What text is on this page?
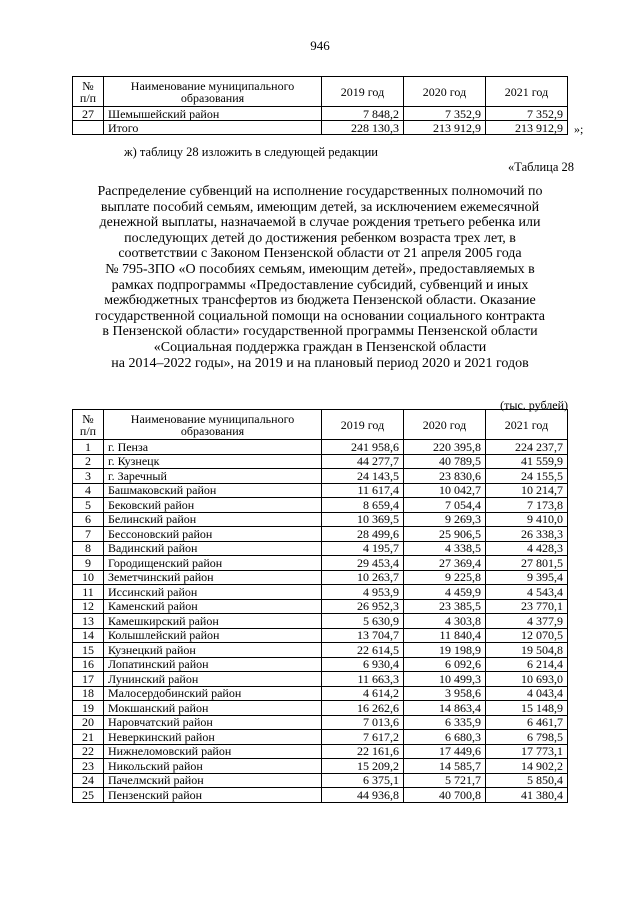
946
№ п/п	Наименование муниципального образования	2019 год	2020 год	2021 год
27	Шемышейский район	7 848,2	7 352,9	7 352,9
	Итого	228 130,3	213 912,9	213 912,9 »;
ж) таблицу 28 изложить в следующей редакции
«Таблица 28

Распределение субвенций на исполнение государственных полномочий по
выплате пособий семьям, имеющим детей, за исключением ежемесячной
денежной выплаты, назначаемой в случае рождения третьего ребенка или
последующих детей до достижения ребенком возраста трех лет, в
соответствии с Законом Пензенской области от 21 апреля 2005 года
№ 795-ЗПО «О пособиях семьям, имеющим детей», предоставляемых в
рамках подпрограммы «Предоставление субсидий, субвенций и иных
межбюджетных трансфертов из бюджета Пензенской области. Оказание
государственной социальной помощи на основании социального контракта
в Пензенской области» государственной программы Пензенской области
«Социальная поддержка граждан в Пензенской области
на 2014–2022 годы», на 2019 и на плановый период 2020 и 2021 годов

(тыс. рублей)
№ п/п	Наименование муниципального образования	2019 год	2020 год	2021 год
1	г. Пенза	241 958,6	220 395,8	224 237,7
2	г. Кузнецк	44 277,7	40 789,5	41 559,9
3	г. Заречный	24 143,5	23 830,6	24 155,5
4	Башмаковский район	11 617,4	10 042,7	10 214,7
5	Бековский район	8 659,4	7 054,4	7 173,8
6	Белинский район	10 369,5	9 269,3	9 410,0
7	Бессоновский район	28 499,6	25 906,5	26 338,3
8	Вадинский район	4 195,7	4 338,5	4 428,3
9	Городищенский район	29 453,4	27 369,4	27 801,5
10	Земетчинский район	10 263,7	9 225,8	9 395,4
11	Иссинский район	4 953,9	4 459,9	4 543,4
12	Каменский район	26 952,3	23 385,5	23 770,1
13	Камешкирский район	5 630,9	4 303,8	4 377,9
14	Колышлейский район	13 704,7	11 840,4	12 070,5
15	Кузнецкий район	22 614,5	19 198,9	19 504,8
16	Лопатинский район	6 930,4	6 092,6	6 214,4
17	Лунинский район	11 663,3	10 499,3	10 693,0
18	Малосердобинский район	4 614,2	3 958,6	4 043,4
19	Мокшанский район	16 262,6	14 863,4	15 148,9
20	Наровчатский район	7 013,6	6 335,9	6 461,7
21	Неверкинский район	7 617,2	6 680,3	6 798,5
22	Нижнеломовский район	22 161,6	17 449,6	17 773,1
23	Никольский район	15 209,2	14 585,7	14 902,2
24	Пачелмский район	6 375,1	5 721,7	5 850,4
25	Пензенский район	44 936,8	40 700,8	41 380,4
